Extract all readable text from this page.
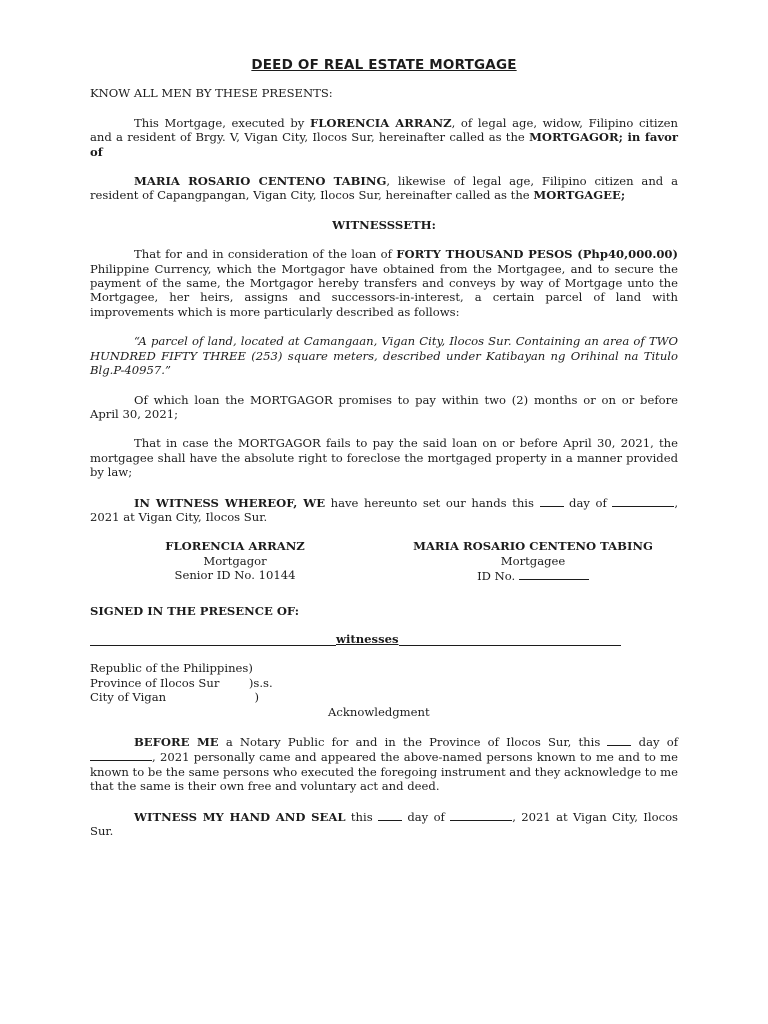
DEED OF REAL ESTATE MORTGAGE

KNOW ALL MEN BY THESE PRESENTS:

This Mortgage, executed by FLORENCIA ARRANZ, of legal age, widow, Filipino citizen and a resident of Brgy. V, Vigan City, Ilocos Sur, hereinafter called as the MORTGAGOR; in favor of

MARIA ROSARIO CENTENO TABING, likewise of legal age, Filipino citizen and a resident of Capangpangan, Vigan City, Ilocos Sur, hereinafter called as the MORTGAGEE;

WITNESSSETH:

That for and in consideration of the loan of FORTY THOUSAND PESOS (Php40,000.00) Philippine Currency, which the Mortgagor have obtained from the Mortgagee, and to secure the payment of the same, the Mortgagor hereby transfers and conveys by way of Mortgage unto the Mortgagee, her heirs, assigns and successors-in-interest, a certain parcel of land with improvements which is more particularly described as follows:

“A parcel of land, located at Camangaan, Vigan City, Ilocos Sur. Containing an area of TWO HUNDRED FIFTY THREE (253) square meters, described under Katibayan ng Orihinal na Titulo Blg.P-40957.”

Of which loan the MORTGAGOR promises to pay within two (2) months or on or before April 30, 2021;

That in case the MORTGAGOR fails to pay the said loan on or before April 30, 2021, the mortgagee shall have the absolute right to foreclose the mortgaged property in a manner provided by law;

IN WITNESS WHEREOF, WE have hereunto set our hands this  day of	, 2021 at Vigan City, Ilocos Sur.

FLORENCIA ARRANZ
Mortgagor
Senior ID No. 10144
MARIA ROSARIO CENTENO TABING
Mortgagee
ID No.

SIGNED IN THE PRESENCE OF:

witnesses
Republic of the Philippines)
Province of Ilocos Sur        )s.s.
City of Vigan                        )
Acknowledgment

BEFORE ME a Notary Public for and in the Province of Ilocos Sur, this  day of , 2021 personally came and appeared the above-named persons known to me and to me known to be the same persons who executed the foregoing instrument and they acknowledge to me that the same is their own free and voluntary act and deed.

WITNESS MY HAND AND SEAL this  day of	, 2021 at Vigan City, Ilocos Sur.
